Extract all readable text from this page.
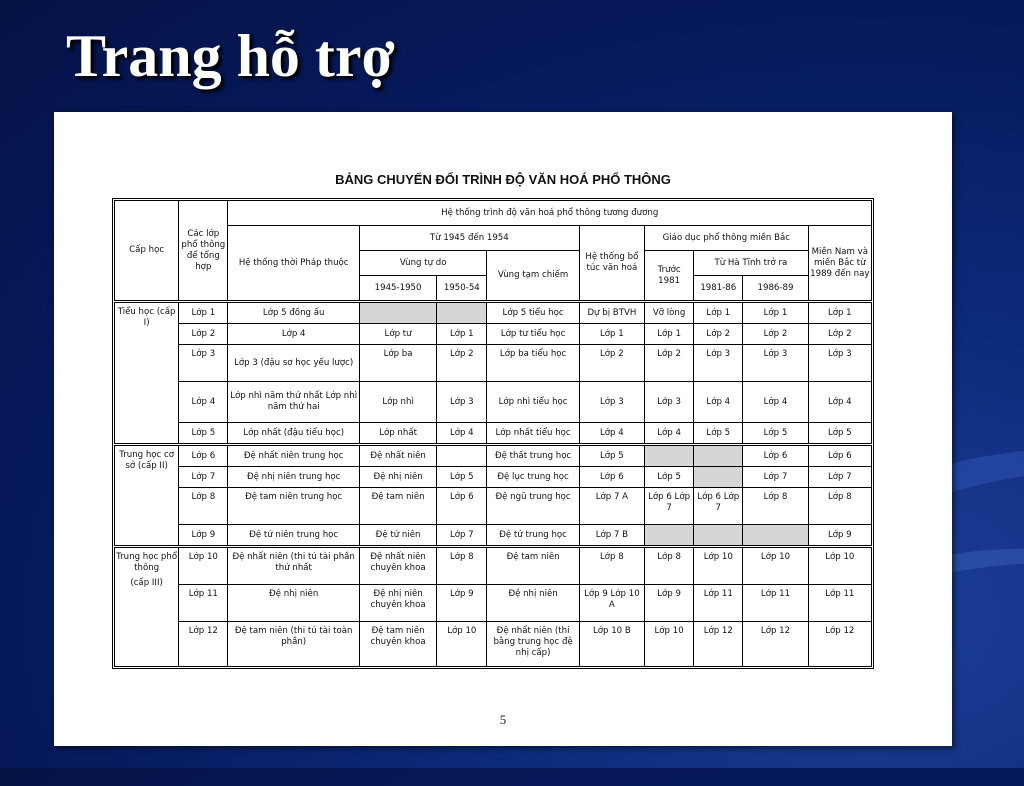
Trang hỗ trợ
BẢNG CHUYỂN ĐỔI TRÌNH ĐỘ VĂN HOÁ PHỔ THÔNG
Cấp học	Các lớp phổ thông để tổng hợp	Hệ thống trình độ văn hoá phổ thông tương đương								
		Hệ thống thời Pháp thuộc	Từ 1945 đến 1954			Hệ thống bổ túc văn hoá	Giáo dục phổ thông miền Bắc			Miền Nam và miền Bắc từ 1989 đến nay
			Vùng tự do		Vùng tạm chiếm		Trước 1981	Từ Hà Tĩnh trở ra		
			1945-1950	1950-54				1981-86	1986-89	
Tiểu học (cấp I)	Lớp 1	Lớp 5 đồng ấu			Lớp 5 tiểu học	Dự bị BTVH	Vỡ lòng	Lớp 1	Lớp 1	Lớp 1
	Lớp 2	Lớp 4	Lớp tư	Lớp 1	Lớp tư tiểu học	Lớp 1	Lớp 1	Lớp 2	Lớp 2	Lớp 2
	Lớp 3	Lớp 3 (đậu sơ học yếu lược)	Lớp ba	Lớp 2	Lớp ba tiểu học	Lớp 2	Lớp 2	Lớp 3	Lớp 3	Lớp 3
	Lớp 4	Lớp nhì năm thứ nhất Lớp nhì năm thứ hai	Lớp nhì	Lớp 3	Lớp nhì tiểu học	Lớp 3	Lớp 3	Lớp 4	Lớp 4	Lớp 4
	Lớp 5	Lớp nhất (đậu tiểu học)	Lớp nhất	Lớp 4	Lớp nhất tiểu học	Lớp 4	Lớp 4	Lớp 5	Lớp 5	Lớp 5
Trung học cơ sở (cấp II)	Lớp 6	Đệ nhất niên trung học	Đệ nhất niên		Đệ thất trung học	Lớp 5			Lớp 6	Lớp 6
	Lớp 7	Đệ nhị niên trung học	Đệ nhị niên	Lớp 5	Đệ lục trung học	Lớp 6	Lớp 5		Lớp 7	Lớp 7
	Lớp 8	Đệ tam niên trung học	Đệ tam niên	Lớp 6	Đệ ngũ trung học	Lớp 7 A	Lớp 6 Lớp 7	Lớp 6 Lớp 7	Lớp 8	Lớp 8
	Lớp 9	Đệ tứ niên trung học	Đệ tứ niên	Lớp 7	Đệ tứ trung học	Lớp 7 B				Lớp 9

Trung học phổ thông
(cấp III)	Lớp 10	Đệ nhất niên (thi tú tài phần thứ nhất	Đệ nhất niên chuyên khoa	Lớp 8	Đệ tam niên	Lớp 8	Lớp 8	Lớp 10	Lớp 10	Lớp 10
	Lớp 11	Đệ nhị niên	Đệ nhị niên chuyên khoa	Lớp 9	Đệ nhị niên	Lớp 9 Lớp 10 A	Lớp 9	Lớp 11	Lớp 11	Lớp 11
	Lớp 12	Đệ tam niên (thi tú tài toàn phần)	Đệ tam niên chuyên khoa	Lớp 10	Đệ nhất niên (thi bằng trung học đệ nhị cấp)	Lớp 10 B	Lớp 10	Lớp 12	Lớp 12	Lớp 12
5
